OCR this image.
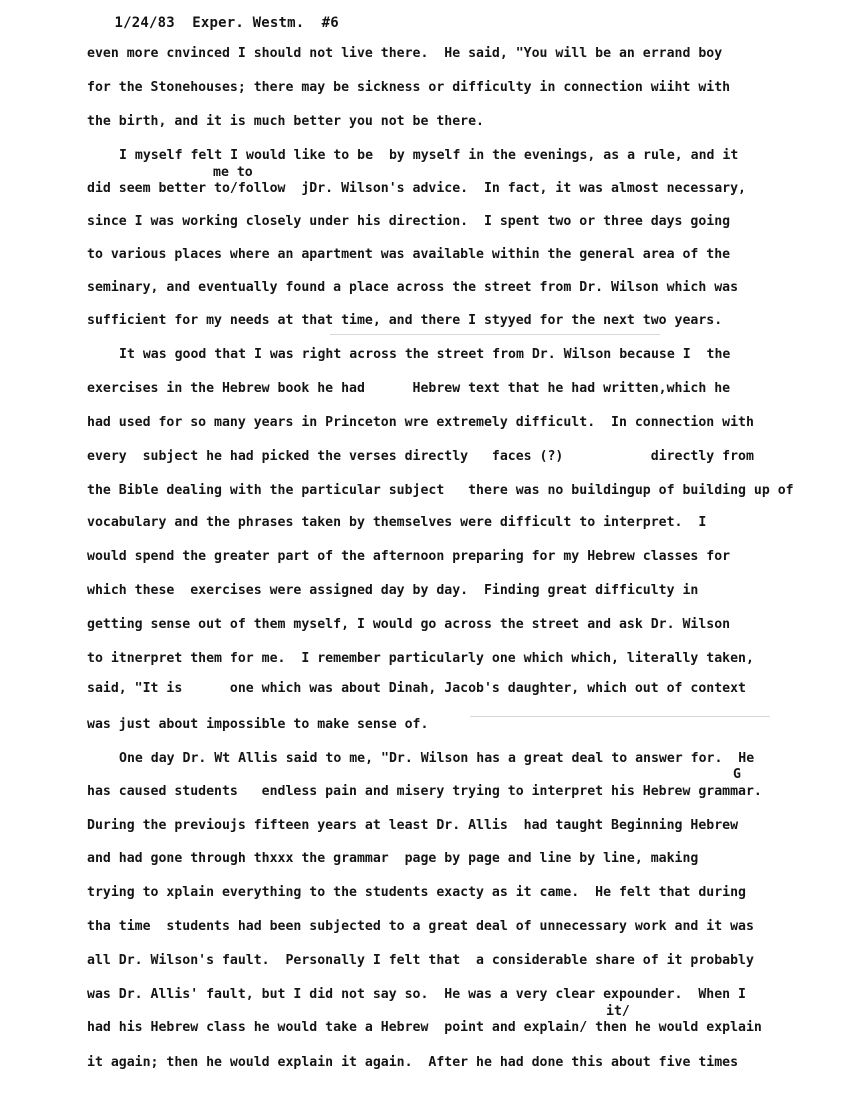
1/24/83 Exper. Westm. #6

even more cnvinced I should not live there.  He said, "You will be an errand boy
for the Stonehouses; there may be sickness or difficulty in connection wiiht with
the birth, and it is much better you not be there.
I myself felt I would like to be  by myself in the evenings, as a rule, and it
me to
did seem better to/follow  jDr. Wilson's advice.  In fact, it was almost necessary,
since I was working closely under his direction.  I spent two or three days going
to various places where an apartment was available within the general area of the
seminary, and eventually found a place across the street from Dr. Wilson which was
sufficient for my needs at that time, and there I styyed for the next two years.
It was good that I was right across the street from Dr. Wilson because I  the
exercises in the Hebrew book he had      Hebrew text that he had written,which he
had used for so many years in Princeton wre extremely difficult.  In connection with
every  subject he had picked the verses directly   faces (?)           directly from
the Bible dealing with the particular subject   there was no buildingup of building up of
vocabulary and the phrases taken by themselves were difficult to interpret.  I
would spend the greater part of the afternoon preparing for my Hebrew classes for
which these  exercises were assigned day by day.  Finding great difficulty in
getting sense out of them myself, I would go across the street and ask Dr. Wilson
to itnerpret them for me.  I remember particularly one which which, literally taken,
said, "It is      one which was about Dinah, Jacob's daughter, which out of context
was just about impossible to make sense of.
One day Dr. Wt Allis said to me, "Dr. Wilson has a great deal to answer for.  He
G
has caused students   endless pain and misery trying to interpret his Hebrew grammar.
During the previoujs fifteen years at least Dr. Allis  had taught Beginning Hebrew
and had gone through thxxx the grammar  page by page and line by line, making
trying to xplain everything to the students exacty as it came.  He felt that during
tha time  students had been subjected to a great deal of unnecessary work and it was
all Dr. Wilson's fault.  Personally I felt that  a considerable share of it probably
was Dr. Allis' fault, but I did not say so.  He was a very clear expounder.  When I
it/
had his Hebrew class he would take a Hebrew  point and explain/ then he would explain
it again; then he would explain it again.  After he had done this about five times
